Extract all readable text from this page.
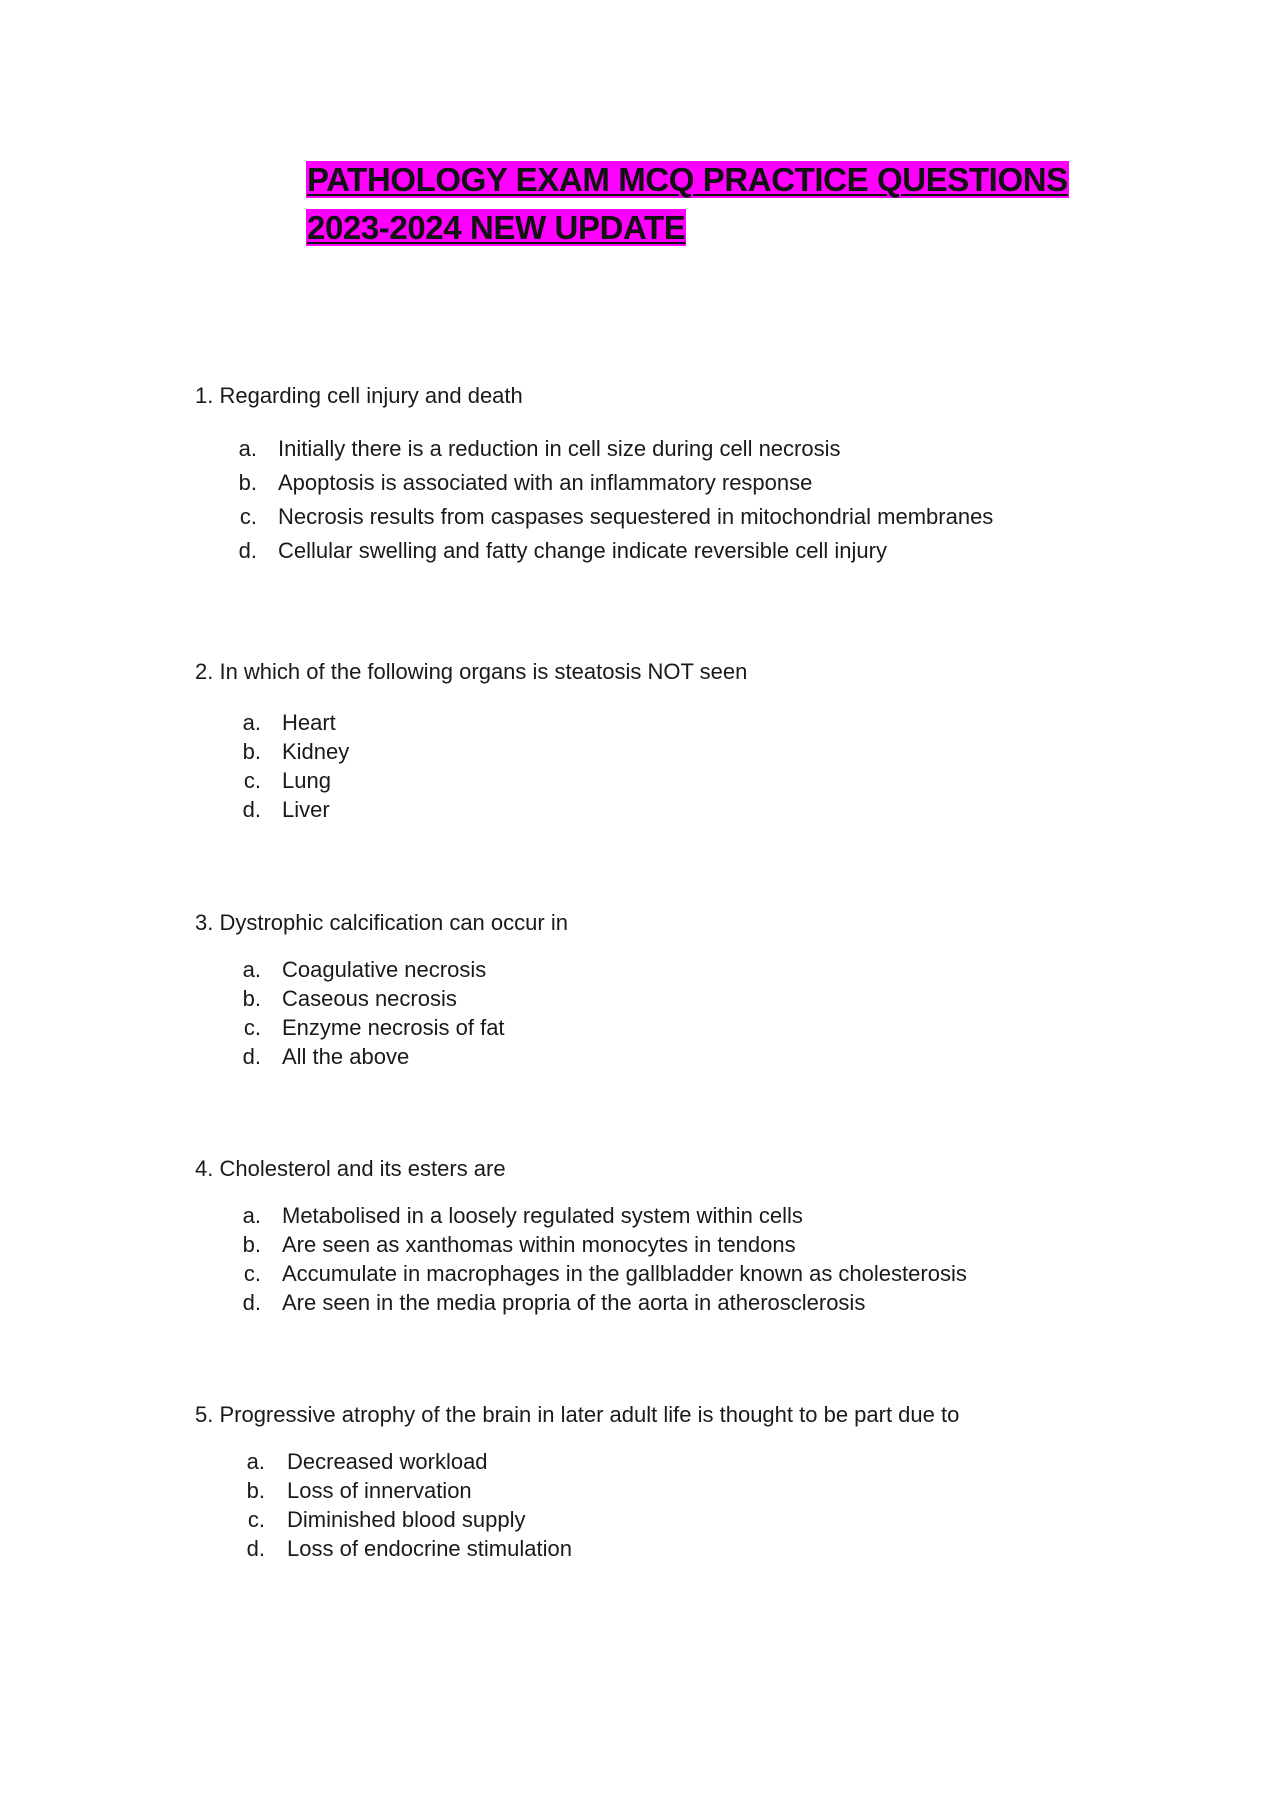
PATHOLOGY EXAM MCQ PRACTICE QUESTIONS
2023-2024 NEW UPDATE

1. Regarding cell injury and death

a. Initially there is a reduction in cell size during cell necrosis
b. Apoptosis is associated with an inflammatory response
c. Necrosis results from caspases sequestered in mitochondrial membranes
d. Cellular swelling and fatty change indicate reversible cell injury

2. In which of the following organs is steatosis NOT seen

a. Heart
b. Kidney
c. Lung
d. Liver

3. Dystrophic calcification can occur in

a. Coagulative necrosis
b. Caseous necrosis
c. Enzyme necrosis of fat
d. All the above

4. Cholesterol and its esters are

a. Metabolised in a loosely regulated system within cells
b. Are seen as xanthomas within monocytes in tendons
c. Accumulate in macrophages in the gallbladder known as cholesterosis
d. Are seen in the media propria of the aorta in atherosclerosis

5. Progressive atrophy of the brain in later adult life is thought to be part due to

a. Decreased workload
b. Loss of innervation
c. Diminished blood supply
d. Loss of endocrine stimulation
